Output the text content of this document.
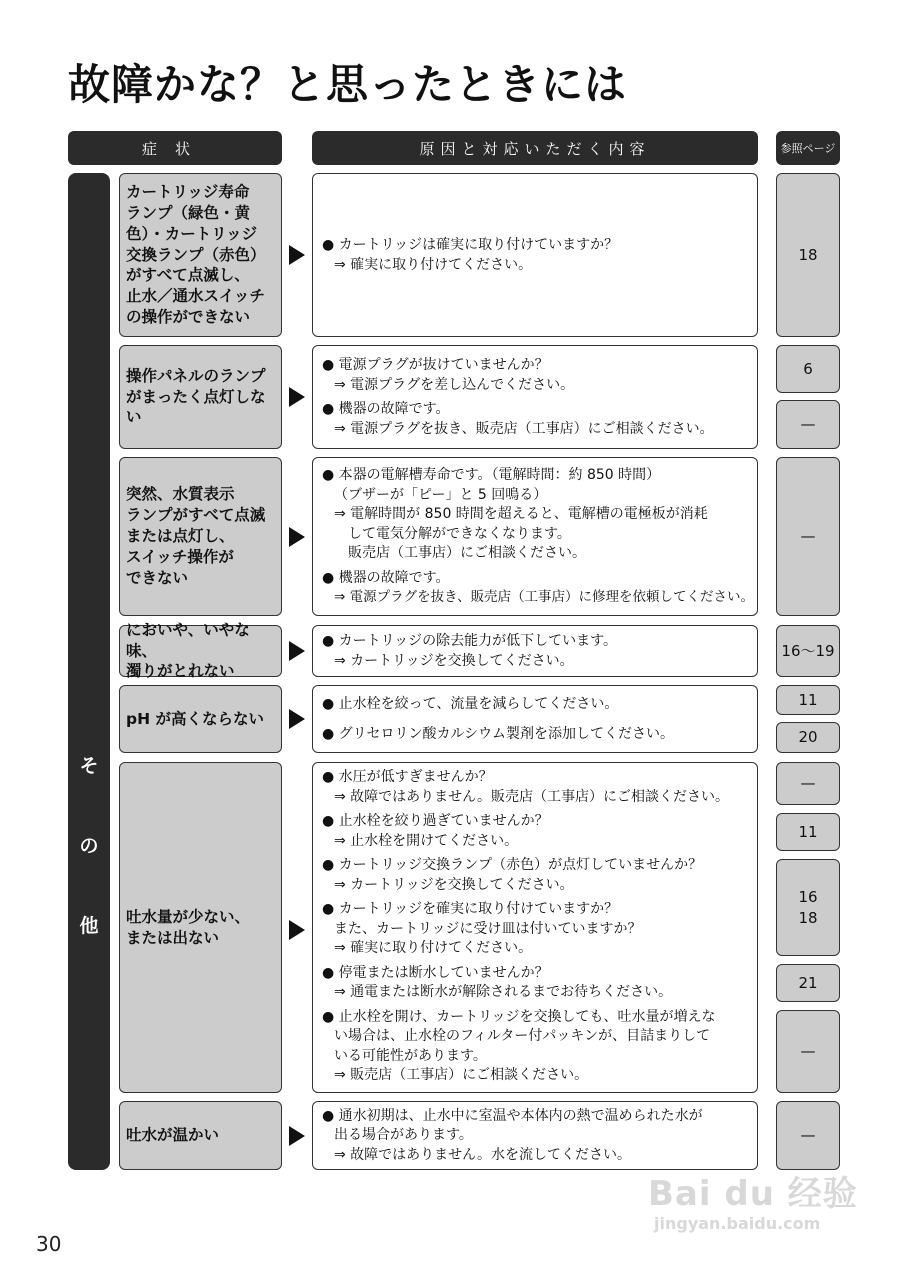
故障かな？と思ったときには
症状	原因と対応いただく内容	参照ページ
そ
の
他
カートリッジ寿命
ランプ（緑色・黄
色）・カートリッジ
交換ランプ（赤色）
がすべて点滅し、
止水／通水スイッチ
の操作ができない
● カートリッジは確実に取り付けていますか？
⇒ 確実に取り付けてください。
18
操作パネルのランプ
がまったく点灯しな
い
● 電源プラグが抜けていませんか？
⇒ 電源プラグを差し込んでください。
● 機器の故障です。
⇒ 電源プラグを抜き、販売店（工事店）にご相談ください。
6
—
突然、水質表示
ランプがすべて点滅
または点灯し、
スイッチ操作が
できない
● 本器の電解槽寿命です。（電解時間：約 850 時間）
（ブザーが「ピー」と 5 回鳴る）
⇒ 電解時間が 850 時間を超えると、電解槽の電極板が消耗
して電気分解ができなくなります。
販売店（工事店）にご相談ください。
● 機器の故障です。
⇒ 電源プラグを抜き、販売店（工事店）に修理を依頼してください。
—
においや、いやな味、
濁りがとれない
● カートリッジの除去能力が低下しています。
⇒ カートリッジを交換してください。
16～19
pH が高くならない
● 止水栓を絞って、流量を減らしてください。
● グリセロリン酸カルシウム製剤を添加してください。
11
20
吐水量が少ない、
または出ない
● 水圧が低すぎませんか？
⇒ 故障ではありません。販売店（工事店）にご相談ください。
● 止水栓を絞り過ぎていませんか？
⇒ 止水栓を開けてください。
● カートリッジ交換ランプ（赤色）が点灯していませんか？
⇒ カートリッジを交換してください。
● カートリッジを確実に取り付けていますか？
また、カートリッジに受け皿は付いていますか？
⇒ 確実に取り付けてください。
● 停電または断水していませんか？
⇒ 通電または断水が解除されるまでお待ちください。
● 止水栓を開け、カートリッジを交換しても、吐水量が増えな
い場合は、止水栓のフィルター付パッキンが、目詰まりして
いる可能性があります。
⇒ 販売店（工事店）にご相談ください。
—
11
16
18
21
—
吐水が温かい
● 通水初期は、止水中に室温や本体内の熱で温められた水が
出る場合があります。
⇒ 故障ではありません。水を流してください。
—
30
Bai du 经验
jingyan.baidu.com
